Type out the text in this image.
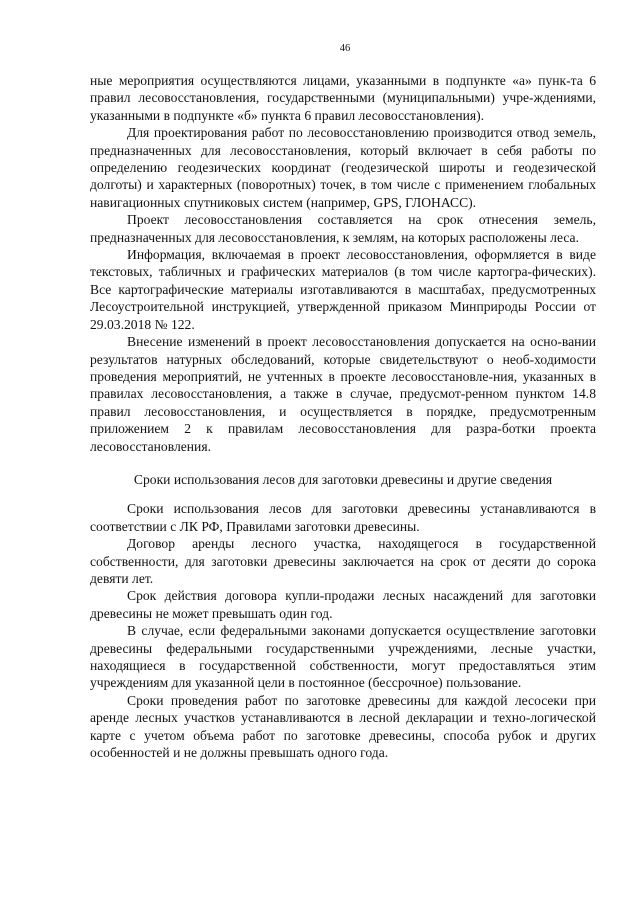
46

ные мероприятия осуществляются лицами, указанными в подпункте «а» пунк-та 6 правил лесовосстановления, государственными (муниципальными) учре-ждениями, указанными в подпункте «б» пункта 6 правил лесовосстановления).

Для проектирования работ по лесовосстановлению производится отвод земель, предназначенных для лесовосстановления, который включает в себя работы по определению геодезических координат (геодезической широты и геодезической долготы) и характерных (поворотных) точек, в том числе с применением глобальных навигационных спутниковых систем (например, GPS, ГЛОНАСС).

Проект лесовосстановления составляется на срок отнесения земель, предназначенных для лесовосстановления, к землям, на которых расположены леса.

Информация, включаемая в проект лесовосстановления, оформляется в виде текстовых, табличных и графических материалов (в том числе картогра-фических). Все картографические материалы изготавливаются в масштабах, предусмотренных Лесоустроительной инструкцией, утвержденной приказом Минприроды России от 29.03.2018 № 122.

Внесение изменений в проект лесовосстановления допускается на осно-вании результатов натурных обследований, которые свидетельствуют о необ-ходимости проведения мероприятий, не учтенных в проекте лесовосстановле-ния, указанных в правилах лесовосстановления, а также в случае, предусмот-ренном пунктом 14.8 правил лесовосстановления, и осуществляется в порядке, предусмотренным приложением 2 к правилам лесовосстановления для разра-ботки проекта лесовосстановления.

Сроки использования лесов для заготовки древесины и другие сведения

Сроки использования лесов для заготовки древесины устанавливаются в соответствии с ЛК РФ, Правилами заготовки древесины.

Договор аренды лесного участка, находящегося в государственной собственности, для заготовки древесины заключается на срок от десяти до сорока девяти лет.

Срок действия договора купли-продажи лесных насаждений для заготовки древесины не может превышать один год.

В случае, если федеральными законами допускается осуществление заготовки древесины федеральными государственными учреждениями, лесные участки, находящиеся в государственной собственности, могут предоставляться этим учреждениям для указанной цели в постоянное (бессрочное) пользование.

Сроки проведения работ по заготовке древесины для каждой лесосеки при аренде лесных участков устанавливаются в лесной декларации и техно-логической карте с учетом объема работ по заготовке древесины, способа рубок и других особенностей и не должны превышать одного года.
